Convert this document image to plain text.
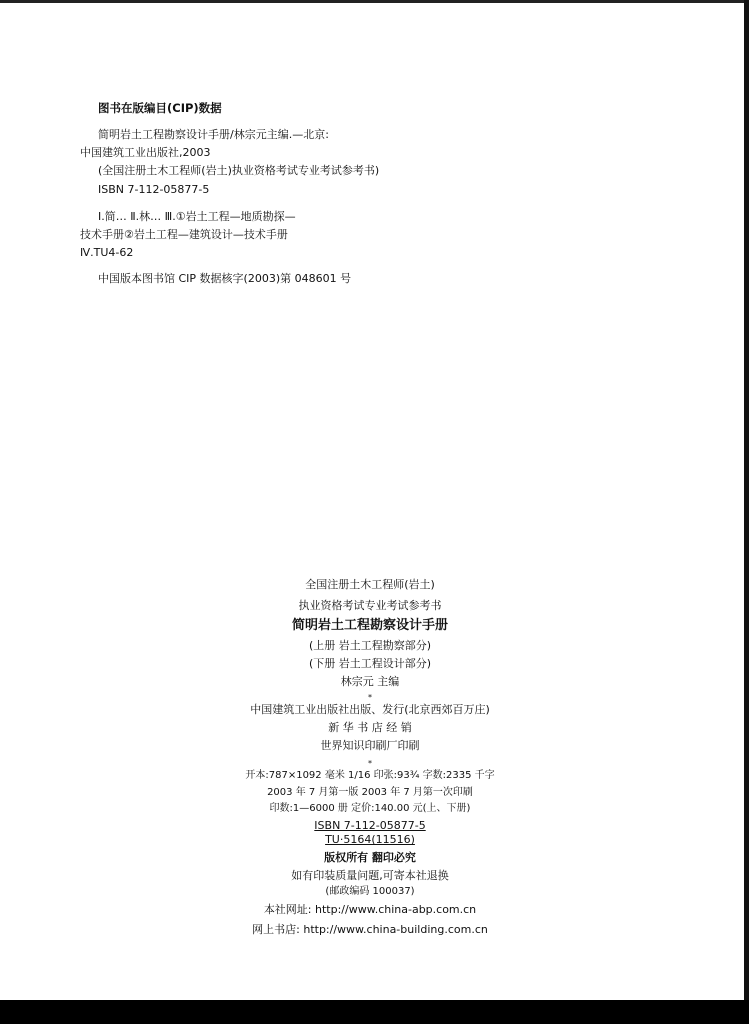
图书在版编目(CIP)数据
简明岩土工程勘察设计手册/林宗元主编.—北京:
中国建筑工业出版社,2003
(全国注册土木工程师(岩土)执业资格考试专业考试参考书)
ISBN 7-112-05877-5
Ⅰ.简… Ⅱ.林… Ⅲ.①岩土工程—地质勘探—
技术手册②岩土工程—建筑设计—技术手册
Ⅳ.TU4-62
中国版本图书馆 CIP 数据核字(2003)第 048601 号
全国注册土木工程师(岩土)
执业资格考试专业考试参考书
简明岩土工程勘察设计手册
(上册 岩土工程勘察部分)
(下册 岩土工程设计部分)
林宗元 主编
*
中国建筑工业出版社出版、发行(北京西郊百万庄)
新 华 书 店 经 销
世界知识印刷厂印刷
*
开本:787×1092 毫米 1/16 印张:93¾ 字数:2335 千字
2003 年 7 月第一版 2003 年 7 月第一次印刷
印数:1—6000 册 定价:140.00 元(上、下册)
ISBN 7-112-05877-5
TU·5164(11516)
版权所有 翻印必究
如有印装质量问题,可寄本社退换
(邮政编码 100037)
本社网址: http://www.china-abp.com.cn
网上书店: http://www.china-building.com.cn
